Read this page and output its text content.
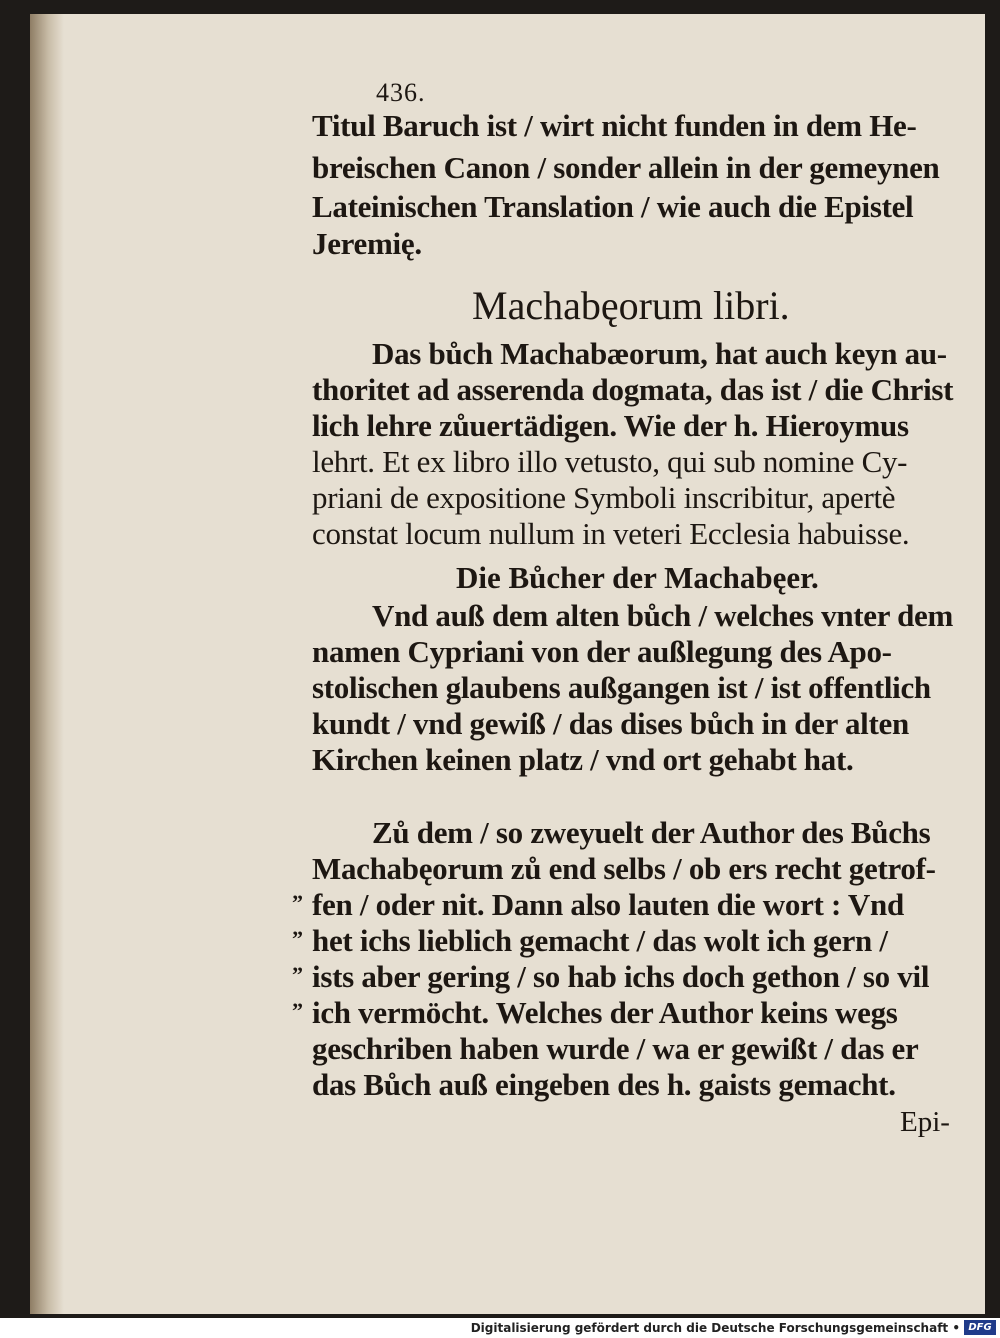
436.
Titul Baruch ist / wirt nicht funden in dem He-
breischen Canon / sonder allein in der gemeynen
Lateinischen Translation / wie auch die Epistel
Jeremię.
Machabęorum libri.
Das bůch Machabæorum, hat auch keyn au-
thoritet ad asserenda dogmata, das ist / die Christ
lich lehre zůuertädigen. Wie der h. Hieroymus
lehrt. Et ex libro illo vetusto, qui sub nomine Cy-
priani de expositione Symboli inscribitur, apertè
constat locum nullum in veteri Ecclesia habuisse.
Die Bůcher der Machabęer.
Vnd auß dem alten bůch / welches vnter dem
namen Cypriani von der außlegung des Apo-
stolischen glaubens außgangen ist / ist offentlich
kundt / vnd gewiß / das dises bůch in der alten
Kirchen keinen platz / vnd ort gehabt hat.
Zů dem / so zweyuelt der Author des Bůchs
Machabęorum zů end selbs / ob ers recht getrof-
fen / oder nit. Dann also lauten die wort : Vnd
het ichs lieblich gemacht / das wolt ich gern /
ists aber gering / so hab ichs doch gethon / so vil
ich vermöcht. Welches der Author keins wegs
geschriben haben wurde / wa er gewißt / das er
das Bůch auß eingeben des h. gaists gemacht.
Epi-
”
”
”
”
Digitalisierung gefördert durch die Deutsche Forschungsgemeinschaft • DFG
